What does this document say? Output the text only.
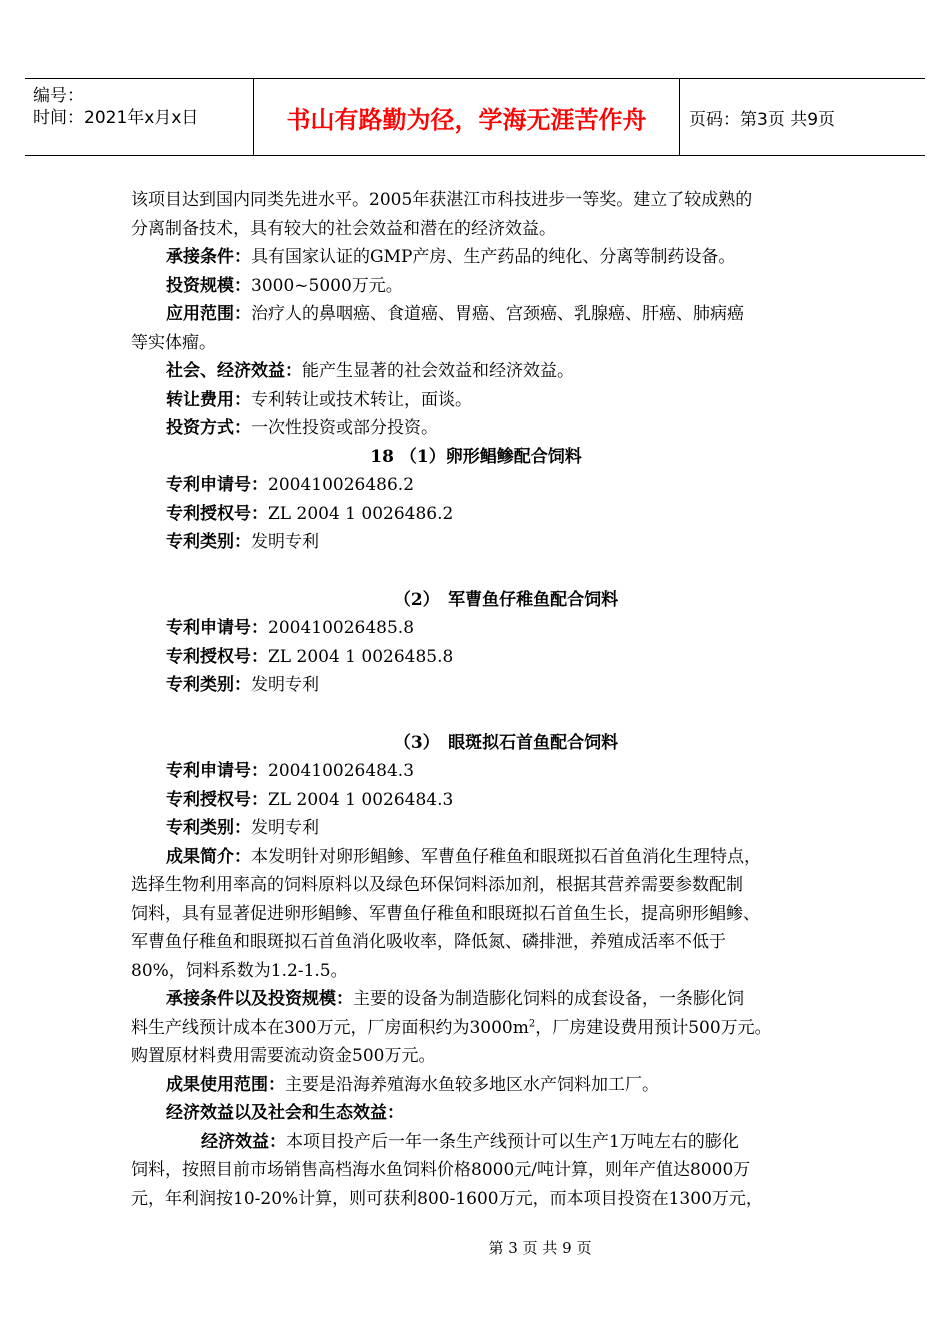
编号：
时间：2021年x月x日	书山有路勤为径，学海无涯苦作舟	页码：第3页 共9页

该项目达到国内同类先进水平。2005年获湛江市科技进步一等奖。建立了较成熟的

分离制备技术，具有较大的社会效益和潜在的经济效益。

承接条件：具有国家认证的GMP产房、生产药品的纯化、分离等制药设备。

投资规模：3000~5000万元。

应用范围：治疗人的鼻咽癌、食道癌、胃癌、宫颈癌、乳腺癌、肝癌、肺病癌

等实体瘤。

社会、经济效益：能产生显著的社会效益和经济效益。

转让费用：专利转让或技术转让，面谈。

投资方式：一次性投资或部分投资。

18 （1）卵形鲳鲹配合饲料

专利申请号：200410026486.2

专利授权号：ZL 2004 1 0026486.2

专利类别：发明专利

（2）　军曹鱼仔稚鱼配合饲料

专利申请号：200410026485.8

专利授权号：ZL 2004 1 0026485.8

专利类别：发明专利

（3）　眼斑拟石首鱼配合饲料

专利申请号：200410026484.3

专利授权号：ZL 2004 1 0026484.3

专利类别：发明专利

成果简介：本发明针对卵形鲳鲹、军曹鱼仔稚鱼和眼斑拟石首鱼消化生理特点，

选择生物利用率高的饲料原料以及绿色环保饲料添加剂，根据其营养需要参数配制

饲料，具有显著促进卵形鲳鲹、军曹鱼仔稚鱼和眼斑拟石首鱼生长，提高卵形鲳鲹、

军曹鱼仔稚鱼和眼斑拟石首鱼消化吸收率，降低氮、磷排泄，养殖成活率不低于

80%，饲料系数为1.2-1.5。

承接条件以及投资规模：主要的设备为制造膨化饲料的成套设备，一条膨化饲

料生产线预计成本在300万元，厂房面积约为$3000m^2$，厂房建设费用预计500万元。

购置原材料费用需要流动资金500万元。

成果使用范围：主要是沿海养殖海水鱼较多地区水产饲料加工厂。

经济效益以及社会和生态效益：

经济效益：本项目投产后一年一条生产线预计可以生产1万吨左右的膨化

饲料，按照目前市场销售高档海水鱼饲料价格8000元/吨计算，则年产值达8000万

元，年利润按10-20%计算，则可获利800-1600万元，而本项目投资在1300万元，

第 3 页 共 9 页
